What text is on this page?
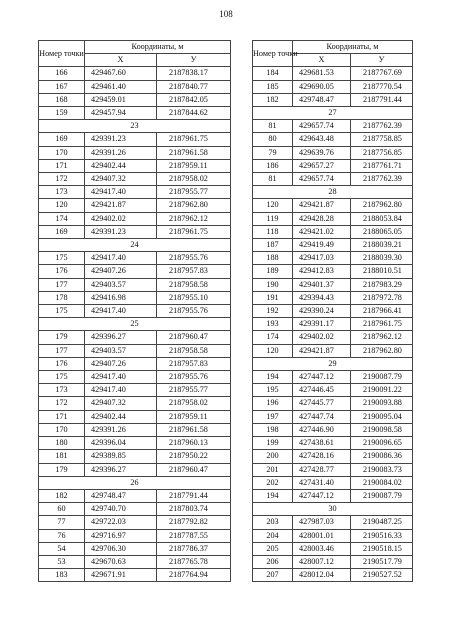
108
Номер точки	Координаты, м	
	X	У
166	429467.60	2187838.17
167	429461.40	2187840.77
168	429459.01	2187842.05
159	429457.94	2187844.62
23		
169	429391.23	2187961.75
170	429391.26	2187961.58
171	429402.44	2187959.11
172	429407.32	2187958.02
173	429417.40	2187955.77
120	429421.87	2187962.80
174	429402.02	2187962.12
169	429391.23	2187961.75
24		
175	429417.40	2187955.76
176	429407.26	2187957.83
177	429403.57	2187958.58
178	429416.98	2187955.10
175	429417.40	2187955.76
25		
179	429396.27	2187960.47
177	429403.57	2187958.58
176	429407.26	2187957.83
175	429417.40	2187955.76
173	429417.40	2187955.77
172	429407.32	2187958.02
171	429402.44	2187959.11
170	429391.26	2187961.58
180	429396.04	2187960.13
181	429389.85	2187950.22
179	429396.27	2187960.47
26		
182	429748.47	2187791.44
60	429740.70	2187803.74
77	429722.03	2187792.82
76	429716.97	2187787.55
54	429706.30	2187786.37
53	429670.63	2187765.78
183	429671.91	2187764.94
Номер точки	Координаты, м	
	X	У
184	429681.53	2187767.69
185	429690.05	2187770.54
182	429748.47	2187791.44
27		
81	429657.74	2187762.39
80	429643.48	2187758.85
79	429639.76	2187756.85
186	429657.27	2187761.71
81	429657.74	2187762.39
28		
120	429421.87	2187962.80
119	429428.28	2188053.84
118	429421.02	2188065.05
187	429419.49	2188039.21
188	429417.03	2188039.30
189	429412.83	2188010.51
190	429401.37	2187983.29
191	429394.43	2187972.78
192	429390.24	2187966.41
193	429391.17	2187961.75
174	429402.02	2187962.12
120	429421.87	2187962.80
29		
194	427447.12	2190087.79
195	427446.45	2190091.22
196	427445.77	2190093.88
197	427447.74	2190095.04
198	427446.90	2190098.58
199	427438.61	2190096.65
200	427428.16	2190086.36
201	427428.77	2190083.73
202	427431.40	2190084.02
194	427447.12	2190087.79
30		
203	427987.03	2190487.25
204	428001.01	2190516.33
205	428003.46	2190518.15
206	428007.12	2190517.79
207	428012.04	2190527.52
